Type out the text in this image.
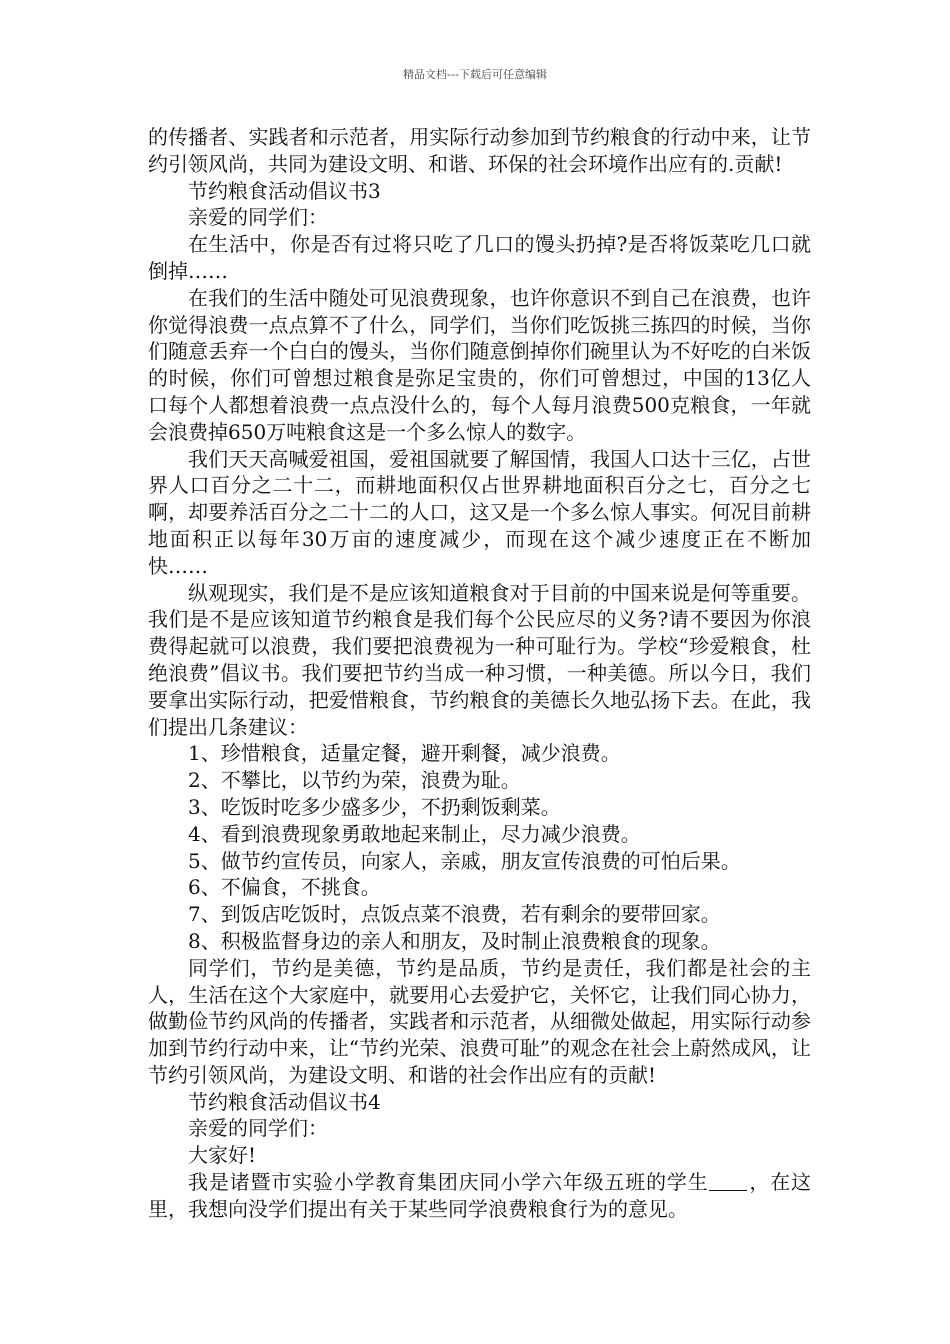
精品文档---下载后可任意编辑

的传播者、实践者和示范者，用实际行动参加到节约粮食的行动中来，让节约引领风尚，共同为建设文明、和谐、环保的社会环境作出应有的.贡献!

节约粮食活动倡议书3

亲爱的同学们：

在生活中，你是否有过将只吃了几口的馒头扔掉?是否将饭菜吃几口就倒掉……

在我们的生活中随处可见浪费现象，也许你意识不到自己在浪费，也许你觉得浪费一点点算不了什么，同学们，当你们吃饭挑三拣四的时候，当你们随意丢弃一个白白的馒头，当你们随意倒掉你们碗里认为不好吃的白米饭的时候，你们可曾想过粮食是弥足宝贵的，你们可曾想过，中国的13亿人口每个人都想着浪费一点点没什么的，每个人每月浪费500克粮食，一年就会浪费掉650万吨粮食这是一个多么惊人的数字。

我们天天高喊爱祖国，爱祖国就要了解国情，我国人口达十三亿，占世界人口百分之二十二，而耕地面积仅占世界耕地面积百分之七，百分之七啊，却要养活百分之二十二的人口，这又是一个多么惊人事实。何况目前耕地面积正以每年30万亩的速度减少，而现在这个减少速度正在不断加快……

纵观现实，我们是不是应该知道粮食对于目前的中国来说是何等重要。我们是不是应该知道节约粮食是我们每个公民应尽的义务?请不要因为你浪费得起就可以浪费，我们要把浪费视为一种可耻行为。学校“珍爱粮食，杜绝浪费”倡议书。我们要把节约当成一种习惯，一种美德。所以今日，我们要拿出实际行动，把爱惜粮食，节约粮食的美德长久地弘扬下去。在此，我们提出几条建议：

1、珍惜粮食，适量定餐，避开剩餐，减少浪费。

2、不攀比，以节约为荣，浪费为耻。

3、吃饭时吃多少盛多少，不扔剩饭剩菜。

4、看到浪费现象勇敢地起来制止，尽力减少浪费。

5、做节约宣传员，向家人，亲戚，朋友宣传浪费的可怕后果。

6、不偏食，不挑食。

7、到饭店吃饭时，点饭点菜不浪费，若有剩余的要带回家。

8、积极监督身边的亲人和朋友，及时制止浪费粮食的现象。

同学们，节约是美德，节约是品质，节约是责任，我们都是社会的主人，生活在这个大家庭中，就要用心去爱护它，关怀它，让我们同心协力，做勤俭节约风尚的传播者，实践者和示范者，从细微处做起，用实际行动参加到节约行动中来，让“节约光荣、浪费可耻”的观念在社会上蔚然成风，让节约引领风尚，为建设文明、和谐的社会作出应有的贡献!

节约粮食活动倡议书4

亲爱的同学们：

大家好!

我是诸暨市实验小学教育集团庆同小学六年级五班的学生 ，在这里，我想向没学们提出有关于某些同学浪费粮食行为的意见。
